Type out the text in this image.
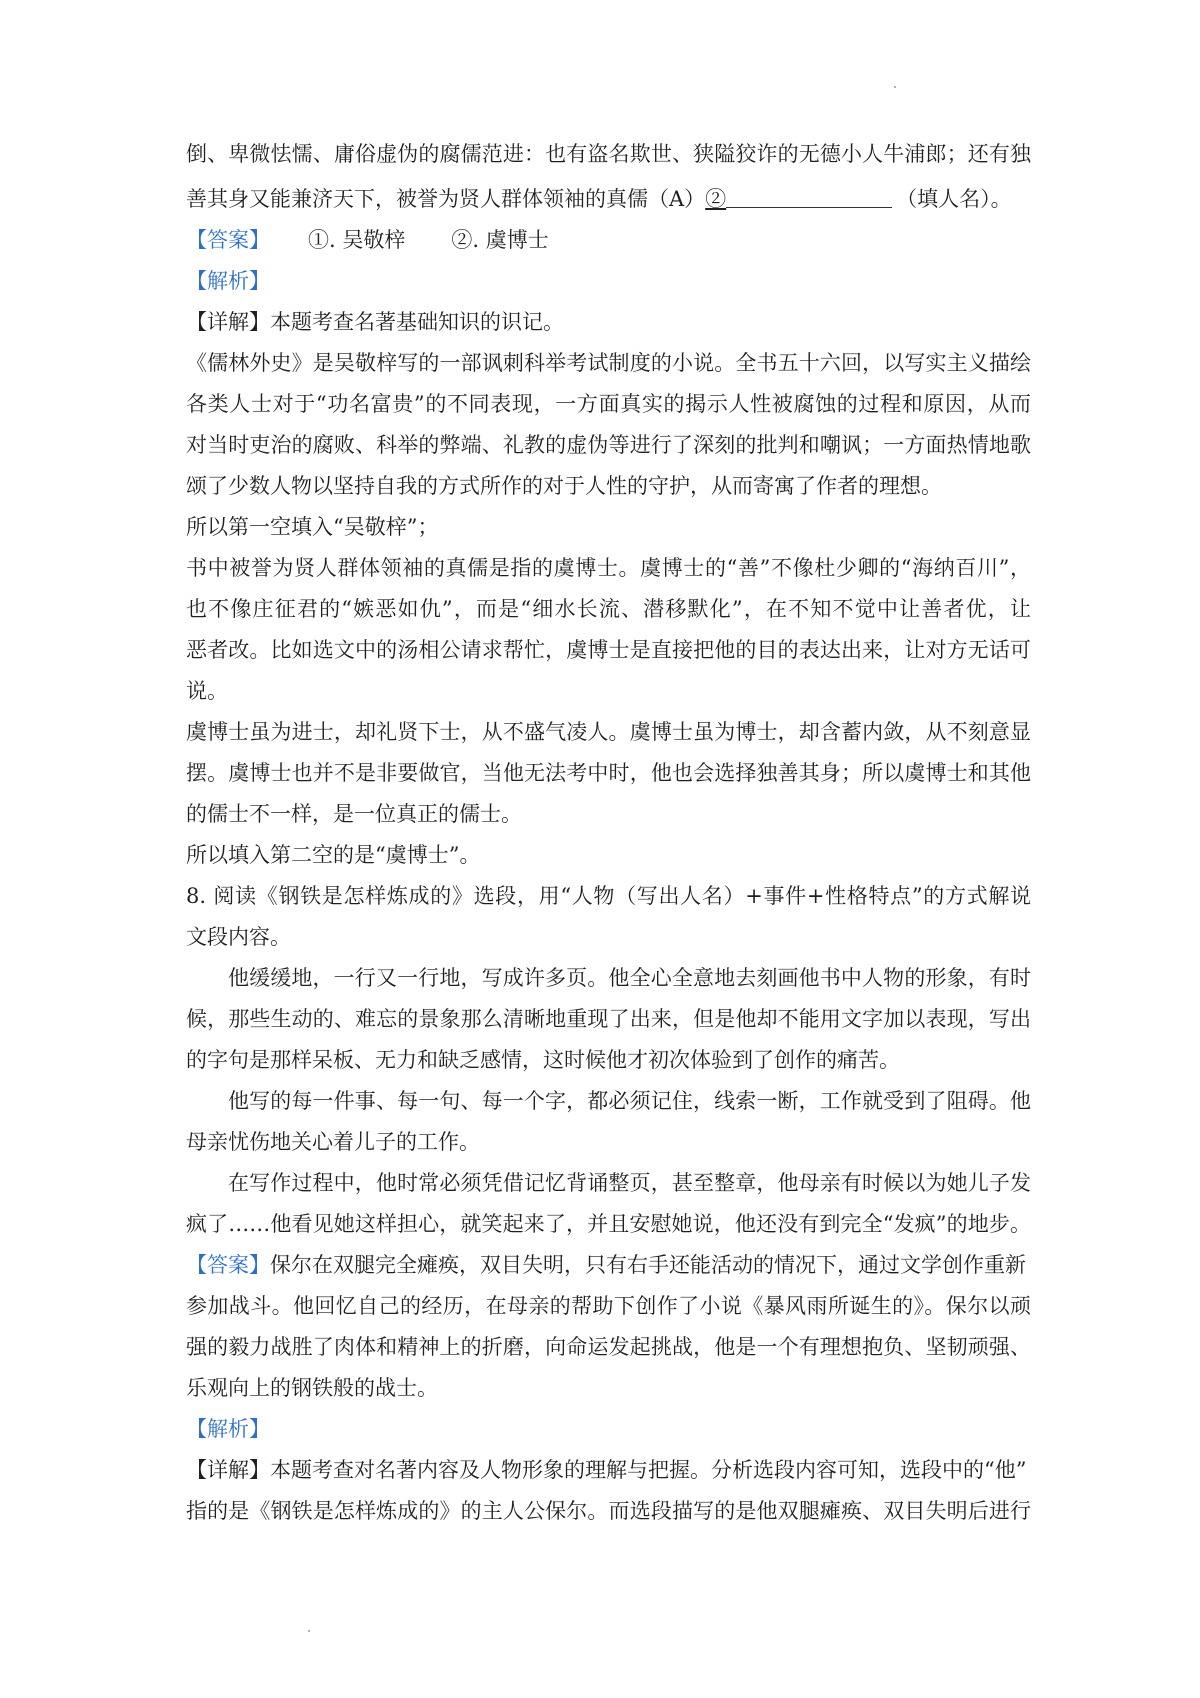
倒、卑微怯懦、庸俗虚伪的腐儒范进：也有盗名欺世、狭隘狡诈的无德小人牛浦郎；还有独
善其身又能兼济天下，被誉为贤人群体领袖的真儒（A）②	（填人名）。
【答案】 ①. 吴敬梓 ②. 虞博士
【解析】
【详解】本题考查名著基础知识的识记。
《儒林外史》是吴敬梓写的一部讽刺科举考试制度的小说。全书五十六回，以写实主义描绘
各类人士对于“功名富贵”的不同表现，一方面真实的揭示人性被腐蚀的过程和原因，从而
对当时吏治的腐败、科举的弊端、礼教的虚伪等进行了深刻的批判和嘲讽；一方面热情地歌
颂了少数人物以坚持自我的方式所作的对于人性的守护，从而寄寓了作者的理想。
所以第一空填入“吴敬梓”；
书中被誉为贤人群体领袖的真儒是指的虞博士。虞博士的“善”不像杜少卿的“海纳百川”，
也不像庄征君的“嫉恶如仇”，而是“细水长流、潜移默化”，在不知不觉中让善者优，让
恶者改。比如选文中的汤相公请求帮忙，虞博士是直接把他的目的表达出来，让对方无话可
说。
虞博士虽为进士，却礼贤下士，从不盛气凌人。虞博士虽为博士，却含蓄内敛，从不刻意显
摆。虞博士也并不是非要做官，当他无法考中时，他也会选择独善其身；所以虞博士和其他
的儒士不一样，是一位真正的儒士。
所以填入第二空的是“虞博士”。
8. 阅读《钢铁是怎样炼成的》选段，用“人物（写出人名）+事件+性格特点”的方式解说
文段内容。
他缓缓地，一行又一行地，写成许多页。他全心全意地去刻画他书中人物的形象，有时
候，那些生动的、难忘的景象那么清晰地重现了出来，但是他却不能用文字加以表现，写出
的字句是那样呆板、无力和缺乏感情，这时候他才初次体验到了创作的痛苦。
他写的每一件事、每一句、每一个字，都必须记住，线索一断，工作就受到了阻碍。他
母亲忧伤地关心着儿子的工作。
在写作过程中，他时常必须凭借记忆背诵整页，甚至整章，他母亲有时候以为她儿子发
疯了……他看见她这样担心，就笑起来了，并且安慰她说，他还没有到完全“发疯”的地步。
【答案】保尔在双腿完全瘫痪，双目失明，只有右手还能活动的情况下，通过文学创作重新
参加战斗。他回忆自己的经历，在母亲的帮助下创作了小说《暴风雨所诞生的》。保尔以顽
强的毅力战胜了肉体和精神上的折磨，向命运发起挑战，他是一个有理想抱负、坚韧顽强、
乐观向上的钢铁般的战士。
【解析】
【详解】本题考查对名著内容及人物形象的理解与把握。分析选段内容可知，选段中的“他”
指的是《钢铁是怎样炼成的》的主人公保尔。而选段描写的是他双腿瘫痪、双目失明后进行
